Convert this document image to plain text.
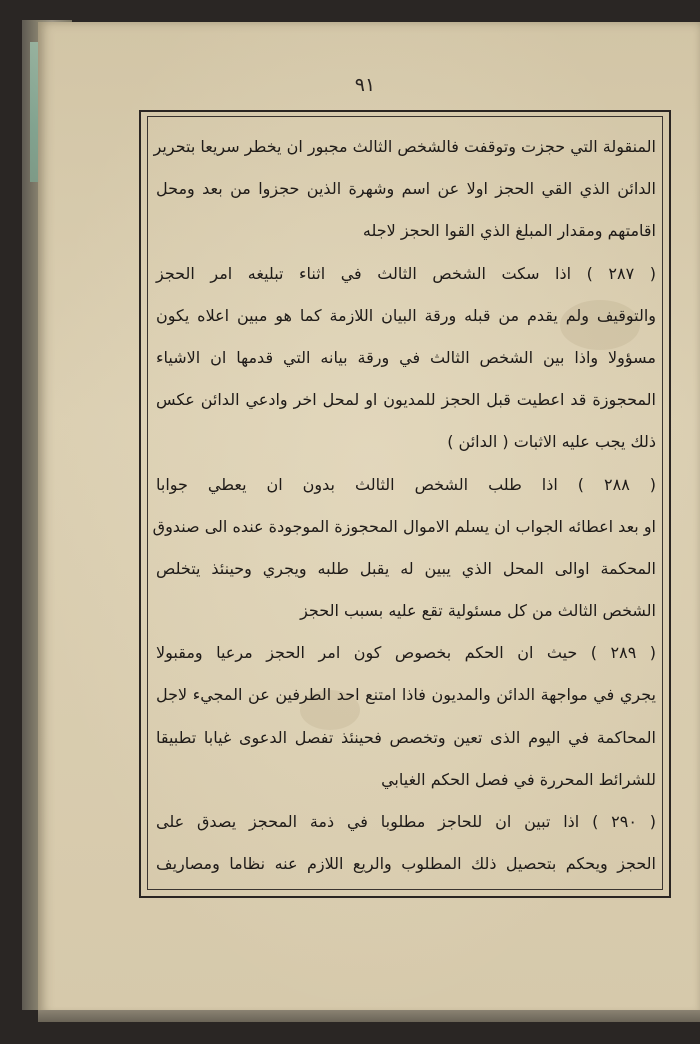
٩١
المنقولة التي حجزت وتوقفت فالشخص الثالث مجبور ان يخطر سريعا بتحرير
الدائن الذي القي الحجز اولا عن اسم وشهرة الذين حجزوا من بعد ومحل
اقامتهم ومقدار المبلغ الذي القوا الحجز لاجله
( ٢٨٧ ) اذا سكت الشخص الثالث في اثناء تبليغه امر الحجز
والتوقيف ولم يقدم من قبله ورقة البيان اللازمة كما هو مبين اعلاه يكون
مسؤولا واذا بين الشخص الثالث في ورقة بيانه التي قدمها ان الاشياء
المحجوزة قد اعطيت قبل الحجز للمديون او لمحل اخر وادعي الدائن عكس
ذلك يجب عليه الاثبات ( الدائن )
( ٢٨٨ ) اذا طلب الشخص الثالث بدون ان يعطي جوابا
او بعد اعطائه الجواب ان يسلم الاموال المحجوزة الموجودة عنده الى صندوق
المحكمة اوالى المحل الذي يبين له يقبل طلبه ويجري وحينئذ يتخلص
الشخص الثالث من كل مسئولية تقع عليه بسبب الحجز
( ٢٨٩ ) حيث ان الحكم بخصوص كون امر الحجز مرعيا ومقبولا
يجري في مواجهة الدائن والمديون فاذا امتنع احد الطرفين عن المجيء لاجل
المحاكمة في اليوم الذى تعين وتخصص فحينئذ تفصل الدعوى غيابا تطبيقا
للشرائط المحررة في فصل الحكم الغيابي
( ٢٩٠ ) اذا تبين ان للحاجز مطلوبا في ذمة المحجز يصدق على
الحجز ويحكم بتحصيل ذلك المطلوب والريع اللازم عنه نظاما ومصاريف
